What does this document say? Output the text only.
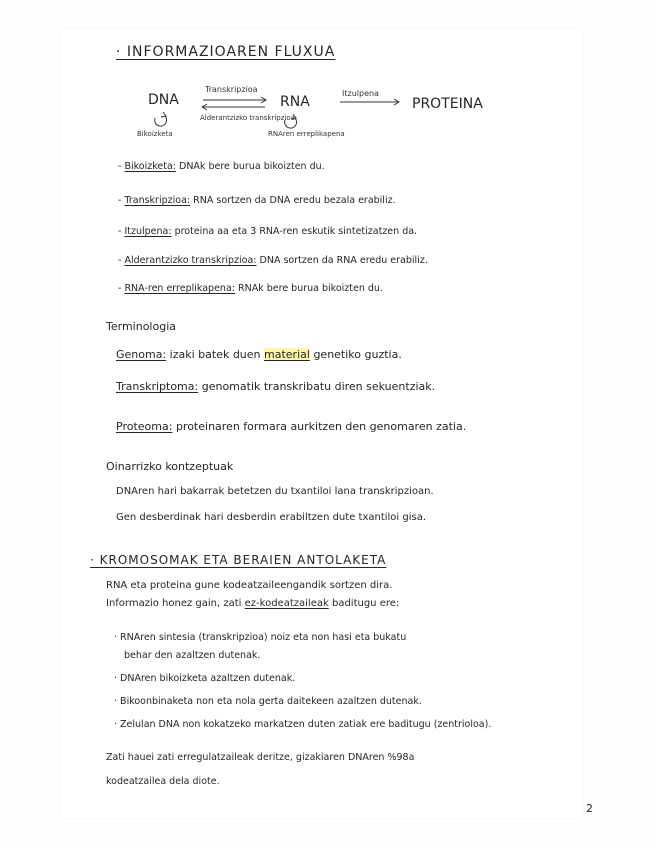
· INFORMAZIOAREN FLUXUA
DNA	RNA	PROTEINA
Transkripzioa
Alderantzizko transkripzioa
Itzulpena
Bikoizketa	RNAren erreplikapena
- Bikoizketa: DNAk bere burua bikoizten du.
- Transkripzioa: RNA sortzen da DNA eredu bezala erabiliz.
- Itzulpena: proteina aa eta 3 RNA-ren eskutik sintetizatzen da.
- Alderantzizko transkripzioa: DNA sortzen da RNA eredu erabiliz.
- RNA-ren erreplikapena: RNAk bere burua bikoizten du.
Terminologia
Genoma: izaki batek duen material genetiko guztia.
Transkriptoma: genomatik transkribatu diren sekuentziak.
Proteoma: proteinaren formara aurkitzen den genomaren zatia.
Oinarrizko kontzeptuak
DNAren hari bakarrak betetzen du txantiloi lana transkripzioan.
Gen desberdinak hari desberdin erabiltzen dute txantiloi gisa.
· KROMOSOMAK ETA BERAIEN ANTOLAKETA
RNA eta proteina gune kodeatzaileengandik sortzen dira.
Informazio honez gain, zati ez-kodeatzaileak baditugu ere:
· RNAren sintesia (transkripzioa) noiz eta non hasi eta bukatu
behar den azaltzen dutenak.
· DNAren bikoizketa azaltzen dutenak.
· Bikoonbinaketa non eta nola gerta daitekeen azaltzen dutenak.
· Zelulan DNA non kokatzeko markatzen duten zatiak ere baditugu (zentrioloa).
Zati hauei zati erregulatzaileak deritze, gizakiaren DNAren %98a
kodeatzailea dela diote.
2
